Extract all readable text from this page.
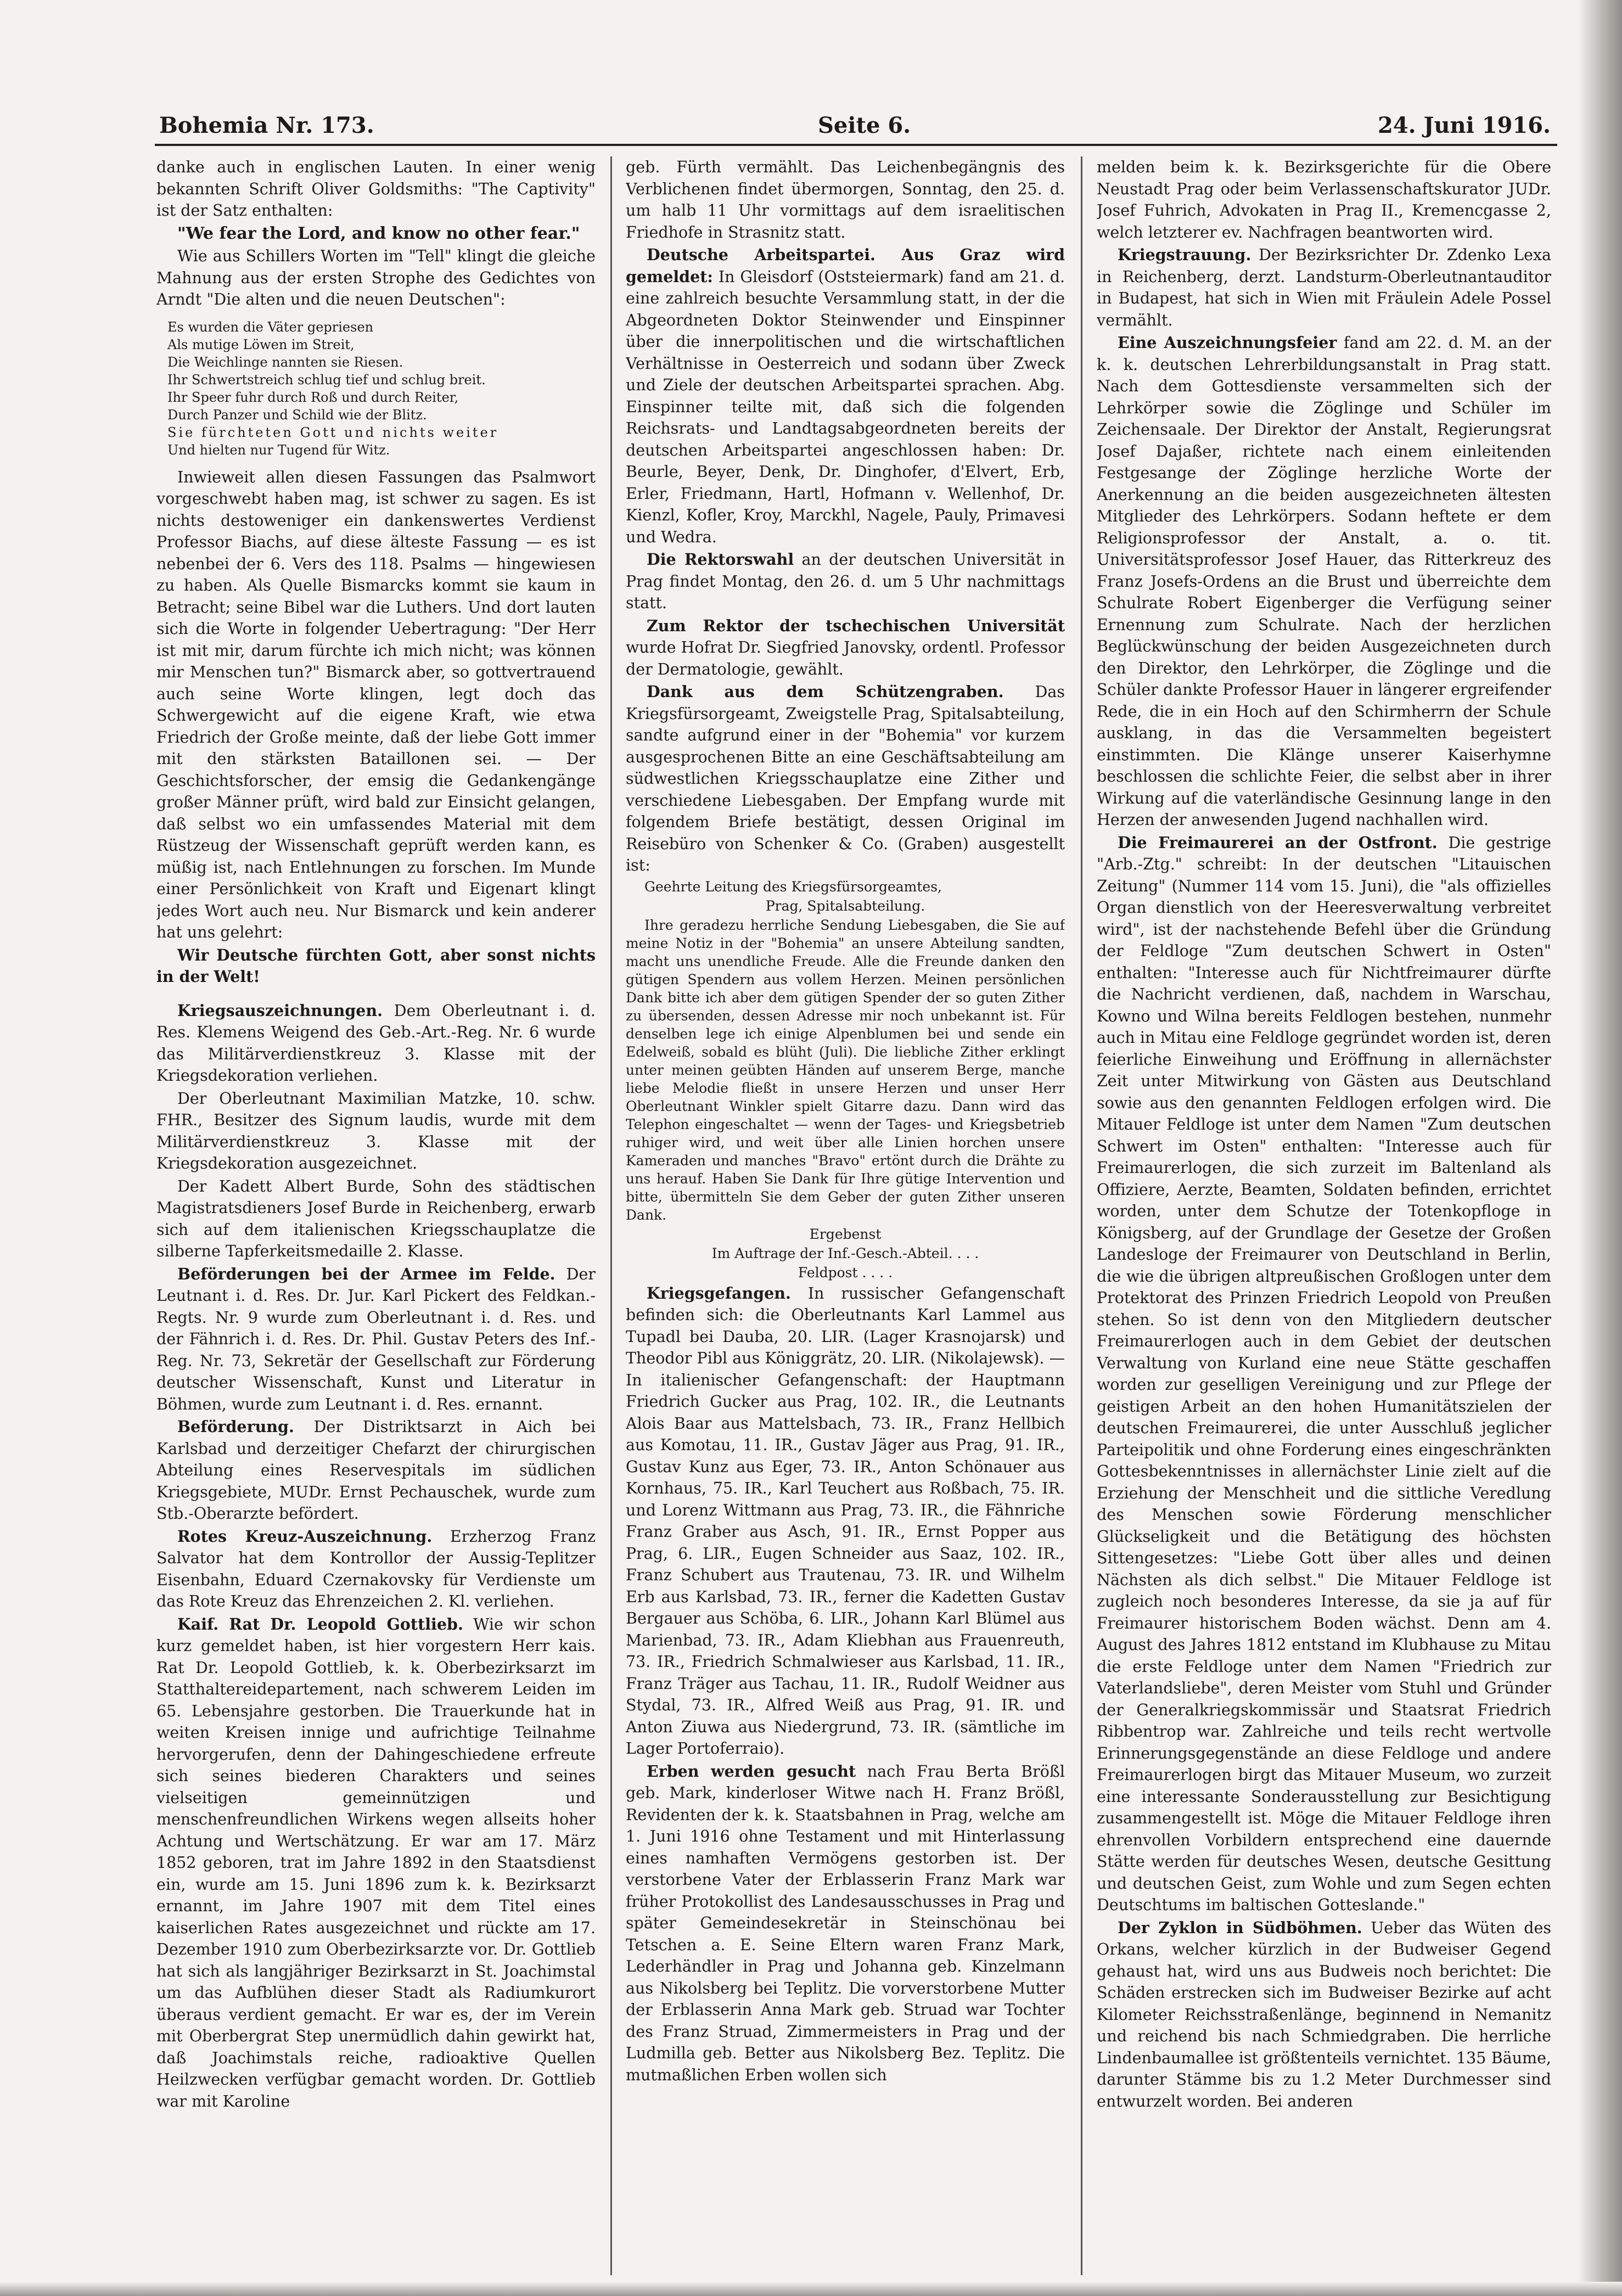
Bohemia Nr. 173.	Seite 6.	24. Juni 1916.

danke auch in englischen Lauten. In einer wenig bekannten Schrift Oliver Goldsmiths: "The Captivity" ist der Satz enthalten:

"We fear the Lord, and know no other fear."

Wie aus Schillers Worten im "Tell" klingt die gleiche Mahnung aus der ersten Strophe des Gedichtes von Arndt "Die alten und die neuen Deutschen":

Es wurden die Väter gepriesen
Als mutige Löwen im Streit,
Die Weichlinge nannten sie Riesen.
Ihr Schwertstreich schlug tief und schlug breit.
Ihr Speer fuhr durch Roß und durch Reiter,
Durch Panzer und Schild wie der Blitz.
Sie fürchteten Gott und nichts weiter
Und hielten nur Tugend für Witz.

Inwieweit allen diesen Fassungen das Psalmwort vorgeschwebt haben mag, ist schwer zu sagen. Es ist nichts destoweniger ein dankenswertes Verdienst Professor Biachs, auf diese älteste Fassung — es ist nebenbei der 6. Vers des 118. Psalms — hingewiesen zu haben. Als Quelle Bismarcks kommt sie kaum in Betracht; seine Bibel war die Luthers. Und dort lauten sich die Worte in folgender Uebertragung: "Der Herr ist mit mir, darum fürchte ich mich nicht; was können mir Menschen tun?" Bismarck aber, so gottvertrauend auch seine Worte klingen, legt doch das Schwergewicht auf die eigene Kraft, wie etwa Friedrich der Große meinte, daß der liebe Gott immer mit den stärksten Bataillonen sei. — Der Geschichtsforscher, der emsig die Gedankengänge großer Männer prüft, wird bald zur Einsicht gelangen, daß selbst wo ein umfassendes Material mit dem Rüstzeug der Wissenschaft geprüft werden kann, es müßig ist, nach Entlehnungen zu forschen. Im Munde einer Persönlichkeit von Kraft und Eigenart klingt jedes Wort auch neu. Nur Bismarck und kein anderer hat uns gelehrt:

Wir Deutsche fürchten Gott, aber sonst nichts in der Welt!

Kriegsauszeichnungen. Dem Oberleutnant i. d. Res. Klemens Weigend des Geb.-Art.-Reg. Nr. 6 wurde das Militärverdienstkreuz 3. Klasse mit der Kriegsdekoration verliehen.

Der Oberleutnant Maximilian Matzke, 10. schw. FHR., Besitzer des Signum laudis, wurde mit dem Militärverdienstkreuz 3. Klasse mit der Kriegsdekoration ausgezeichnet.

Der Kadett Albert Burde, Sohn des städtischen Magistratsdieners Josef Burde in Reichenberg, erwarb sich auf dem italienischen Kriegsschauplatze die silberne Tapferkeitsmedaille 2. Klasse.

Beförderungen bei der Armee im Felde. Der Leutnant i. d. Res. Dr. Jur. Karl Pickert des Feldkan.-Regts. Nr. 9 wurde zum Oberleutnant i. d. Res. und der Fähnrich i. d. Res. Dr. Phil. Gustav Peters des Inf.-Reg. Nr. 73, Sekretär der Gesellschaft zur Förderung deutscher Wissenschaft, Kunst und Literatur in Böhmen, wurde zum Leutnant i. d. Res. ernannt.

Beförderung. Der Distriktsarzt in Aich bei Karlsbad und derzeitiger Chefarzt der chirurgischen Abteilung eines Reservespitals im südlichen Kriegsgebiete, MUDr. Ernst Pechauschek, wurde zum Stb.-Oberarzte befördert.

Rotes Kreuz-Auszeichnung. Erzherzog Franz Salvator hat dem Kontrollor der Aussig-Teplitzer Eisenbahn, Eduard Czernakovsky für Verdienste um das Rote Kreuz das Ehrenzeichen 2. Kl. verliehen.

Kaif. Rat Dr. Leopold Gottlieb. Wie wir schon kurz gemeldet haben, ist hier vorgestern Herr kais. Rat Dr. Leopold Gottlieb, k. k. Oberbezirksarzt im Statthaltereidepartement, nach schwerem Leiden im 65. Lebensjahre gestorben. Die Trauerkunde hat in weiten Kreisen innige und aufrichtige Teilnahme hervorgerufen, denn der Dahingeschiedene erfreute sich seines biederen Charakters und seines vielseitigen gemeinnützigen und menschenfreundlichen Wirkens wegen allseits hoher Achtung und Wertschätzung. Er war am 17. März 1852 geboren, trat im Jahre 1892 in den Staatsdienst ein, wurde am 15. Juni 1896 zum k. k. Bezirksarzt ernannt, im Jahre 1907 mit dem Titel eines kaiserlichen Rates ausgezeichnet und rückte am 17. Dezember 1910 zum Oberbezirksarzte vor. Dr. Gottlieb hat sich als langjähriger Bezirksarzt in St. Joachimstal um das Aufblühen dieser Stadt als Radiumkurort überaus verdient gemacht. Er war es, der im Verein mit Oberbergrat Step unermüdlich dahin gewirkt hat, daß Joachimstals reiche, radioaktive Quellen Heilzwecken verfügbar gemacht worden. Dr. Gottlieb war mit Karoline

geb. Fürth vermählt. Das Leichenbegängnis des Verblichenen findet übermorgen, Sonntag, den 25. d. um halb 11 Uhr vormittags auf dem israelitischen Friedhofe in Strasnitz statt.

Deutsche Arbeitspartei. Aus Graz wird gemeldet: In Gleisdorf (Oststeiermark) fand am 21. d. eine zahlreich besuchte Versammlung statt, in der die Abgeordneten Doktor Steinwender und Einspinner über die innerpolitischen und die wirtschaftlichen Verhältnisse in Oesterreich und sodann über Zweck und Ziele der deutschen Arbeitspartei sprachen. Abg. Einspinner teilte mit, daß sich die folgenden Reichsrats- und Landtagsabgeordneten bereits der deutschen Arbeitspartei angeschlossen haben: Dr. Beurle, Beyer, Denk, Dr. Dinghofer, d'Elvert, Erb, Erler, Friedmann, Hartl, Hofmann v. Wellenhof, Dr. Kienzl, Kofler, Kroy, Marckhl, Nagele, Pauly, Primavesi und Wedra.

Die Rektorswahl an der deutschen Universität in Prag findet Montag, den 26. d. um 5 Uhr nachmittags statt.

Zum Rektor der tschechischen Universität wurde Hofrat Dr. Siegfried Janovsky, ordentl. Professor der Dermatologie, gewählt.

Dank aus dem Schützengraben. Das Kriegsfürsorgeamt, Zweigstelle Prag, Spitalsabteilung, sandte aufgrund einer in der "Bohemia" vor kurzem ausgesprochenen Bitte an eine Geschäftsabteilung am südwestlichen Kriegsschauplatze eine Zither und verschiedene Liebesgaben. Der Empfang wurde mit folgendem Briefe bestätigt, dessen Original im Reisebüro von Schenker & Co. (Graben) ausgestellt ist:

Geehrte Leitung des Kriegsfürsorgeamtes,

Prag, Spitalsabteilung.

Ihre geradezu herrliche Sendung Liebesgaben, die Sie auf meine Notiz in der "Bohemia" an unsere Abteilung sandten, macht uns unendliche Freude. Alle die Freunde danken den gütigen Spendern aus vollem Herzen. Meinen persönlichen Dank bitte ich aber dem gütigen Spender der so guten Zither zu übersenden, dessen Adresse mir noch unbekannt ist. Für denselben lege ich einige Alpenblumen bei und sende ein Edelweiß, sobald es blüht (Juli). Die liebliche Zither erklingt unter meinen geübten Händen auf unserem Berge, manche liebe Melodie fließt in unsere Herzen und unser Herr Oberleutnant Winkler spielt Gitarre dazu. Dann wird das Telephon eingeschaltet — wenn der Tages- und Kriegsbetrieb ruhiger wird, und weit über alle Linien horchen unsere Kameraden und manches "Bravo" ertönt durch die Drähte zu uns herauf. Haben Sie Dank für Ihre gütige Intervention und bitte, übermitteln Sie dem Geber der guten Zither unseren Dank.

Ergebenst

Im Auftrage der Inf.-Gesch.-Abteil. . . .

Feldpost . . . .

Kriegsgefangen. In russischer Gefangenschaft befinden sich: die Oberleutnants Karl Lammel aus Tupadl bei Dauba, 20. LIR. (Lager Krasnojarsk) und Theodor Pibl aus Königgrätz, 20. LIR. (Nikolajewsk). — In italienischer Gefangenschaft: der Hauptmann Friedrich Gucker aus Prag, 102. IR., die Leutnants Alois Baar aus Mattelsbach, 73. IR., Franz Hellbich aus Komotau, 11. IR., Gustav Jäger aus Prag, 91. IR., Gustav Kunz aus Eger, 73. IR., Anton Schönauer aus Kornhaus, 75. IR., Karl Teuchert aus Roßbach, 75. IR. und Lorenz Wittmann aus Prag, 73. IR., die Fähnriche Franz Graber aus Asch, 91. IR., Ernst Popper aus Prag, 6. LIR., Eugen Schneider aus Saaz, 102. IR., Franz Schubert aus Trautenau, 73. IR. und Wilhelm Erb aus Karlsbad, 73. IR., ferner die Kadetten Gustav Bergauer aus Schöba, 6. LIR., Johann Karl Blümel aus Marienbad, 73. IR., Adam Kliebhan aus Frauenreuth, 73. IR., Friedrich Schmalwieser aus Karlsbad, 11. IR., Franz Träger aus Tachau, 11. IR., Rudolf Weidner aus Stydal, 73. IR., Alfred Weiß aus Prag, 91. IR. und Anton Ziuwa aus Niedergrund, 73. IR. (sämtliche im Lager Portoferraio).

Erben werden gesucht nach Frau Berta Brößl geb. Mark, kinderloser Witwe nach H. Franz Brößl, Revidenten der k. k. Staatsbahnen in Prag, welche am 1. Juni 1916 ohne Testament und mit Hinterlassung eines namhaften Vermögens gestorben ist. Der verstorbene Vater der Erblasserin Franz Mark war früher Protokollist des Landesausschusses in Prag und später Gemeindesekretär in Steinschönau bei Tetschen a. E. Seine Eltern waren Franz Mark, Lederhändler in Prag und Johanna geb. Kinzelmann aus Nikolsberg bei Teplitz. Die vorverstorbene Mutter der Erblasserin Anna Mark geb. Struad war Tochter des Franz Struad, Zimmermeisters in Prag und der Ludmilla geb. Better aus Nikolsberg Bez. Teplitz. Die mutmaßlichen Erben wollen sich

melden beim k. k. Bezirksgerichte für die Obere Neustadt Prag oder beim Verlassenschaftskurator JUDr. Josef Fuhrich, Advokaten in Prag II., Kremencgasse 2, welch letzterer ev. Nachfragen beantworten wird.

Kriegstrauung. Der Bezirksrichter Dr. Zdenko Lexa in Reichenberg, derzt. Landsturm-Oberleutnantauditor in Budapest, hat sich in Wien mit Fräulein Adele Possel vermählt.

Eine Auszeichnungsfeier fand am 22. d. M. an der k. k. deutschen Lehrerbildungsanstalt in Prag statt. Nach dem Gottesdienste versammelten sich der Lehrkörper sowie die Zöglinge und Schüler im Zeichensaale. Der Direktor der Anstalt, Regierungsrat Josef Dajaßer, richtete nach einem einleitenden Festgesange der Zöglinge herzliche Worte der Anerkennung an die beiden ausgezeichneten ältesten Mitglieder des Lehrkörpers. Sodann heftete er dem Religionsprofessor der Anstalt, a. o. tit. Universitätsprofessor Josef Hauer, das Ritterkreuz des Franz Josefs-Ordens an die Brust und überreichte dem Schulrate Robert Eigenberger die Verfügung seiner Ernennung zum Schulrate. Nach der herzlichen Beglückwünschung der beiden Ausgezeichneten durch den Direktor, den Lehrkörper, die Zöglinge und die Schüler dankte Professor Hauer in längerer ergreifender Rede, die in ein Hoch auf den Schirmherrn der Schule ausklang, in das die Versammelten begeistert einstimmten. Die Klänge unserer Kaiserhymne beschlossen die schlichte Feier, die selbst aber in ihrer Wirkung auf die vaterländische Gesinnung lange in den Herzen der anwesenden Jugend nachhallen wird.

Die Freimaurerei an der Ostfront. Die gestrige "Arb.-Ztg." schreibt: In der deutschen "Litauischen Zeitung" (Nummer 114 vom 15. Juni), die "als offizielles Organ dienstlich von der Heeresverwaltung verbreitet wird", ist der nachstehende Befehl über die Gründung der Feldloge "Zum deutschen Schwert in Osten" enthalten: "Interesse auch für Nichtfreimaurer dürfte die Nachricht verdienen, daß, nachdem in Warschau, Kowno und Wilna bereits Feldlogen bestehen, nunmehr auch in Mitau eine Feldloge gegründet worden ist, deren feierliche Einweihung und Eröffnung in allernächster Zeit unter Mitwirkung von Gästen aus Deutschland sowie aus den genannten Feldlogen erfolgen wird. Die Mitauer Feldloge ist unter dem Namen "Zum deutschen Schwert im Osten" enthalten: "Interesse auch für Freimaurerlogen, die sich zurzeit im Baltenland als Offiziere, Aerzte, Beamten, Soldaten befinden, errichtet worden, unter dem Schutze der Totenkopfloge in Königsberg, auf der Grundlage der Gesetze der Großen Landesloge der Freimaurer von Deutschland in Berlin, die wie die übrigen altpreußischen Großlogen unter dem Protektorat des Prinzen Friedrich Leopold von Preußen stehen. So ist denn von den Mitgliedern deutscher Freimaurerlogen auch in dem Gebiet der deutschen Verwaltung von Kurland eine neue Stätte geschaffen worden zur geselligen Vereinigung und zur Pflege der geistigen Arbeit an den hohen Humanitätszielen der deutschen Freimaurerei, die unter Ausschluß jeglicher Parteipolitik und ohne Forderung eines eingeschränkten Gottesbekenntnisses in allernächster Linie zielt auf die Erziehung der Menschheit und die sittliche Veredlung des Menschen sowie Förderung menschlicher Glückseligkeit und die Betätigung des höchsten Sittengesetzes: "Liebe Gott über alles und deinen Nächsten als dich selbst." Die Mitauer Feldloge ist zugleich noch besonderes Interesse, da sie ja auf für Freimaurer historischem Boden wächst. Denn am 4. August des Jahres 1812 entstand im Klubhause zu Mitau die erste Feldloge unter dem Namen "Friedrich zur Vaterlandsliebe", deren Meister vom Stuhl und Gründer der Generalkriegskommissär und Staatsrat Friedrich Ribbentrop war. Zahlreiche und teils recht wertvolle Erinnerungsgegenstände an diese Feldloge und andere Freimaurerlogen birgt das Mitauer Museum, wo zurzeit eine interessante Sonderausstellung zur Besichtigung zusammengestellt ist. Möge die Mitauer Feldloge ihren ehrenvollen Vorbildern entsprechend eine dauernde Stätte werden für deutsches Wesen, deutsche Gesittung und deutschen Geist, zum Wohle und zum Segen echten Deutschtums im baltischen Gotteslande."

Der Zyklon in Südböhmen. Ueber das Wüten des Orkans, welcher kürzlich in der Budweiser Gegend gehaust hat, wird uns aus Budweis noch berichtet: Die Schäden erstrecken sich im Budweiser Bezirke auf acht Kilometer Reichsstraßenlänge, beginnend in Nemanitz und reichend bis nach Schmiedgraben. Die herrliche Lindenbaumallee ist größtenteils vernichtet. 135 Bäume, darunter Stämme bis zu 1.2 Meter Durchmesser sind entwurzelt worden. Bei anderen
